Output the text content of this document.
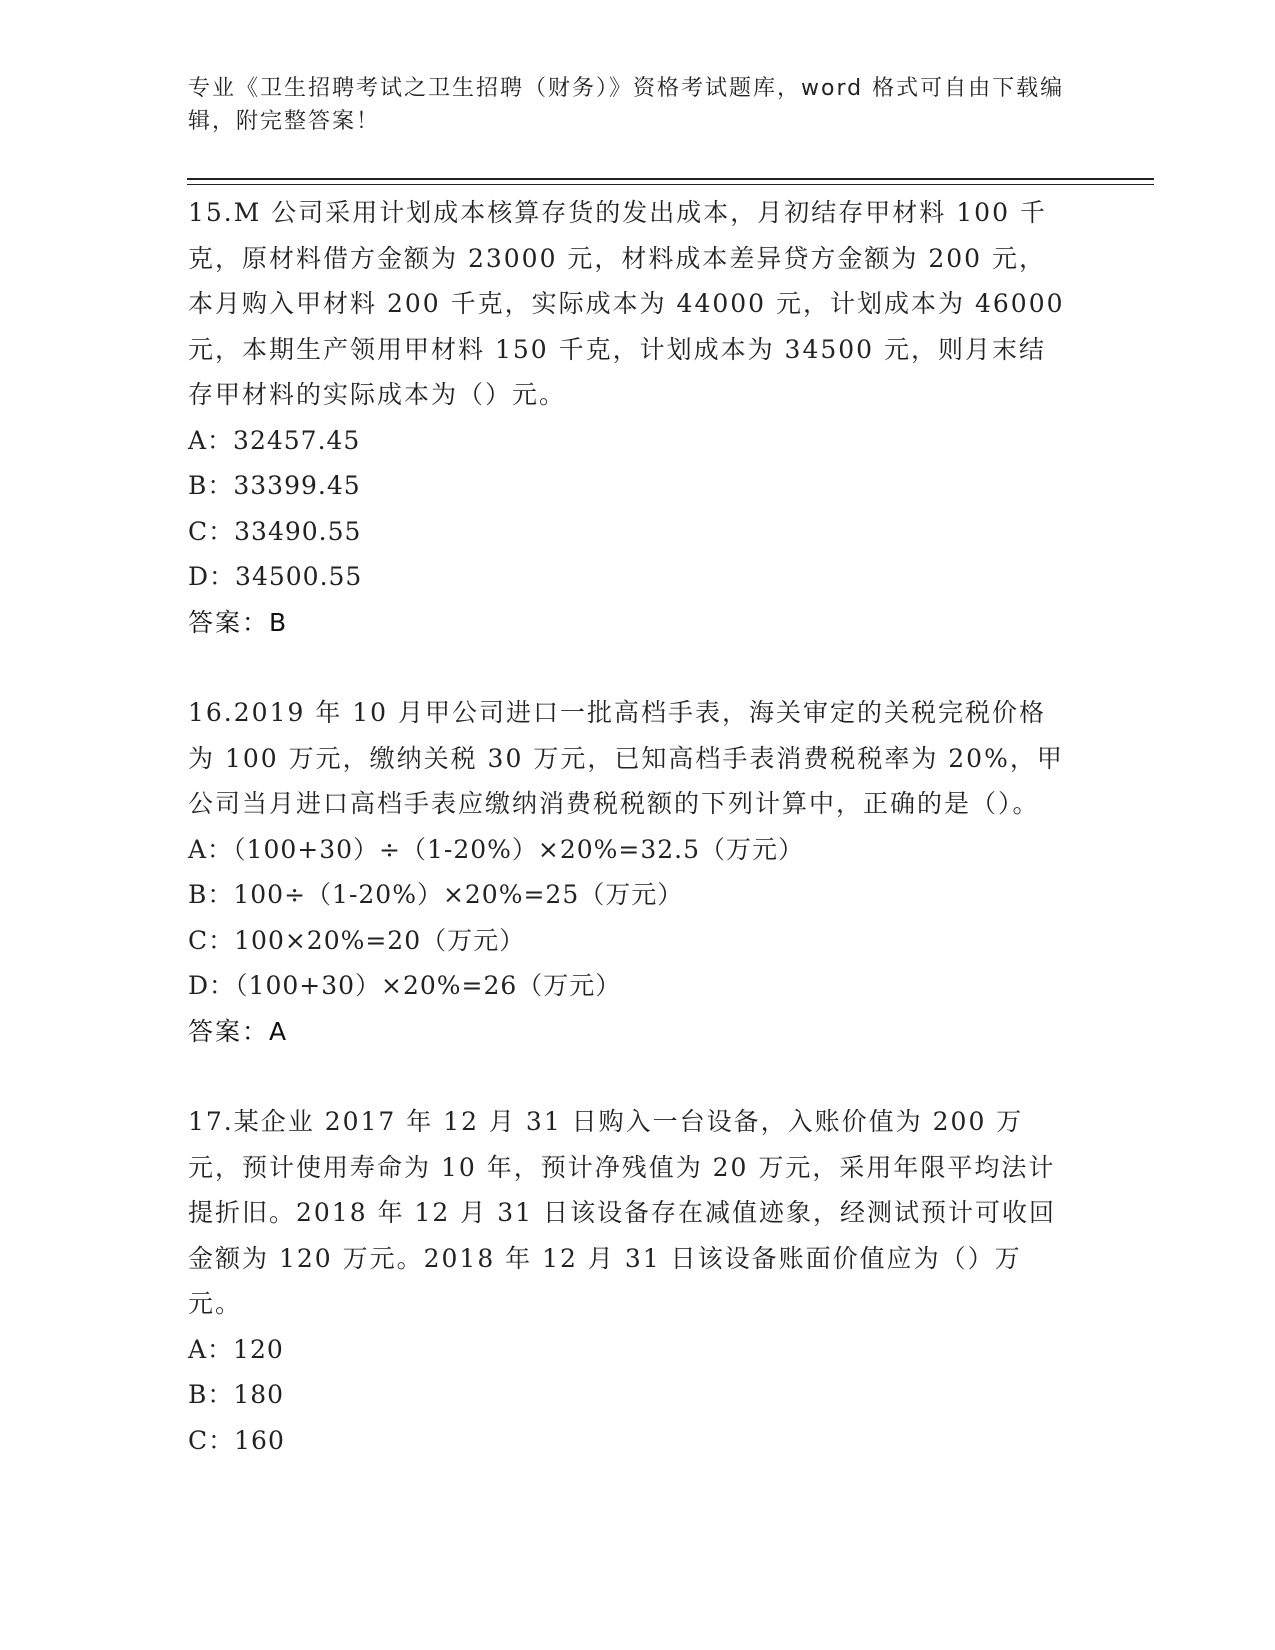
专业《卫生招聘考试之卫生招聘（财务）》资格考试题库，word 格式可自由下载编辑，附完整答案！
15.M 公司采用计划成本核算存货的发出成本，月初结存甲材料 100 千克，原材料借方金额为 23000 元，材料成本差异贷方金额为 200 元，本月购入甲材料 200 千克，实际成本为 44000 元，计划成本为 46000 元，本期生产领用甲材料 150 千克，计划成本为 34500 元，则月末结存甲材料的实际成本为（）元。
A：32457.45
B：33399.45
C：33490.55
D：34500.55
答案：B
16.2019 年 10 月甲公司进口一批高档手表，海关审定的关税完税价格为 100 万元，缴纳关税 30 万元，已知高档手表消费税税率为 20%，甲公司当月进口高档手表应缴纳消费税税额的下列计算中，正确的是（）。
A：（100+30）÷（1-20%）×20%=32.5（万元）
B：100÷（1-20%）×20%=25（万元）
C：100×20%=20（万元）
D：（100+30）×20%=26（万元）
答案：A
17.某企业 2017 年 12 月 31 日购入一台设备，入账价值为 200 万元，预计使用寿命为 10 年，预计净残值为 20 万元，采用年限平均法计提折旧。2018 年 12 月 31 日该设备存在减值迹象，经测试预计可收回金额为 120 万元。2018 年 12 月 31 日该设备账面价值应为（）万元。
A：120
B：180
C：160
